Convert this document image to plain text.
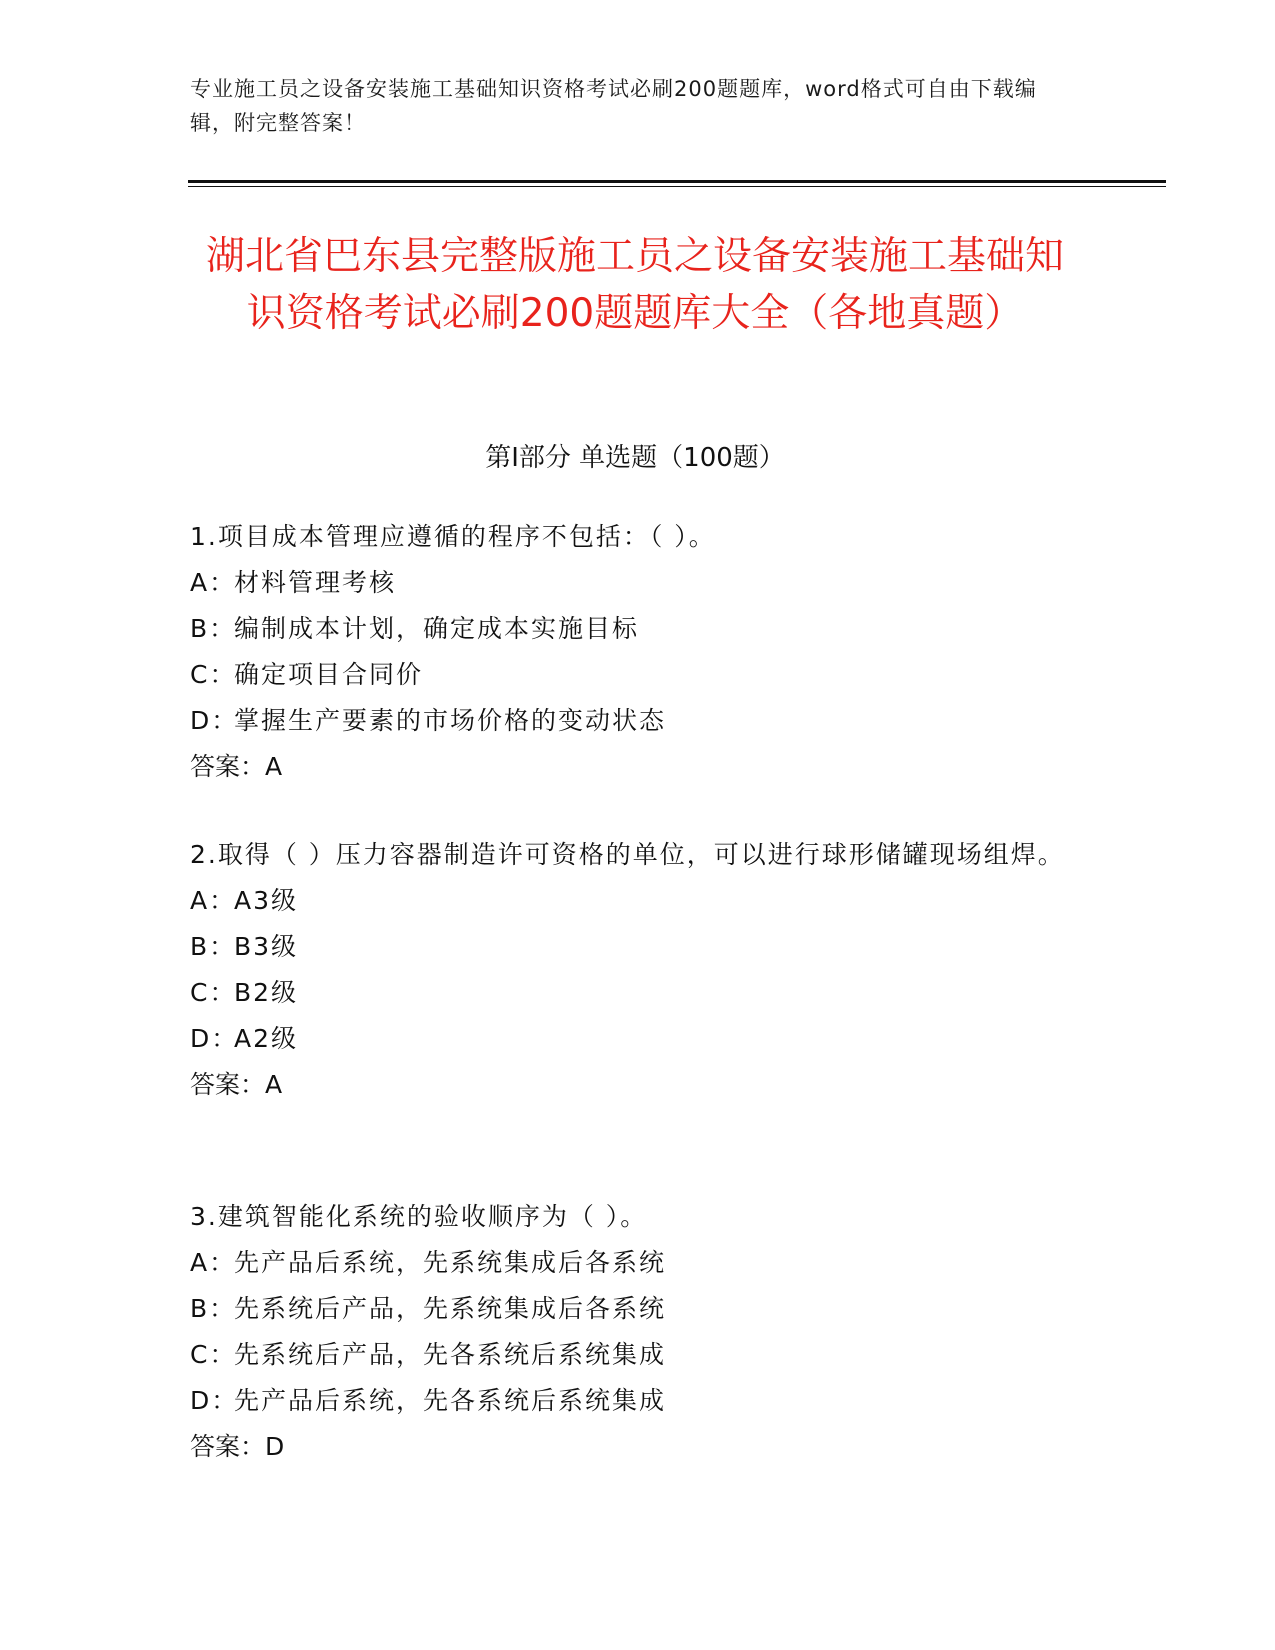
专业施工员之设备安装施工基础知识资格考试必刷200题题库，word格式可自由下载编辑，附完整答案！
湖北省巴东县完整版施工员之设备安装施工基础知识资格考试必刷200题题库大全（各地真题）
第I部分 单选题（100题）

1.项目成本管理应遵循的程序不包括：（ ）。

A：材料管理考核
B：编制成本计划，确定成本实施目标
C：确定项目合同价
D：掌握生产要素的市场价格的变动状态

答案：A

2.取得（ ）压力容器制造许可资格的单位，可以进行球形储罐现场组焊。

A：A3级
B：B3级
C：B2级
D：A2级

答案：A

3.建筑智能化系统的验收顺序为（ ）。

A：先产品后系统，先系统集成后各系统
B：先系统后产品，先系统集成后各系统
C：先系统后产品，先各系统后系统集成
D：先产品后系统，先各系统后系统集成

答案：D
